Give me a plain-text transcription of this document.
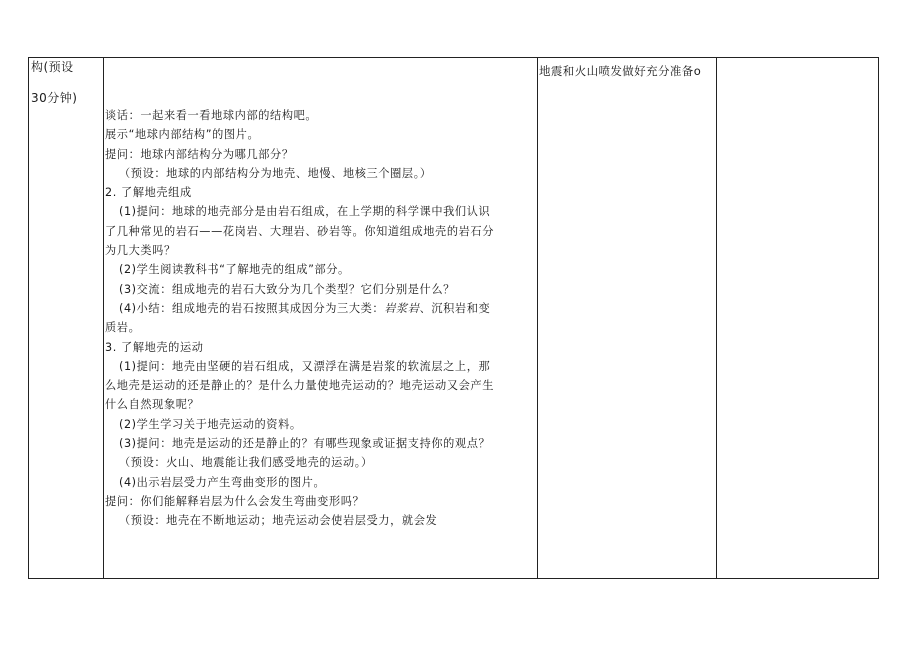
构(预设
30分钟)
谈话：一起来看一看地球内部的结构吧。
展示“地球内部结构”的图片。
提问：地球内部结构分为哪几部分？
（预设：地球的内部结构分为地壳、地慢、地核三个圈层。）
2. 了解地壳组成
(1)提问：地球的地壳部分是由岩石组成，在上学期的科学课中我们认识
了几种常见的岩石——花岗岩、大理岩、砂岩等。你知道组成地壳的岩石分
为几大类吗？
(2)学生阅读教科书“了解地壳的组成”部分。
(3)交流：组成地壳的岩石大致分为几个类型？它们分别是什么？
(4)小结：组成地壳的岩石按照其成因分为三大类：岩浆岩、沉积岩和变
质岩。
3. 了解地壳的运动
(1)提问：地壳由坚硬的岩石组成，又漂浮在满是岩浆的软流层之上，那
么地壳是运动的还是静止的？是什么力量使地壳运动的？地壳运动又会产生
什么自然现象呢？
(2)学生学习关于地壳运动的资料。
(3)提问：地壳是运动的还是静止的？有哪些现象或证据支持你的观点？
（预设：火山、地震能让我们感受地壳的运动。）
(4)出示岩层受力产生弯曲变形的图片。
提问：你们能解释岩层为什么会发生弯曲变形吗？
（预设：地壳在不断地运动；地壳运动会使岩层受力，就会发
地震和火山喷发做好充分准备o
